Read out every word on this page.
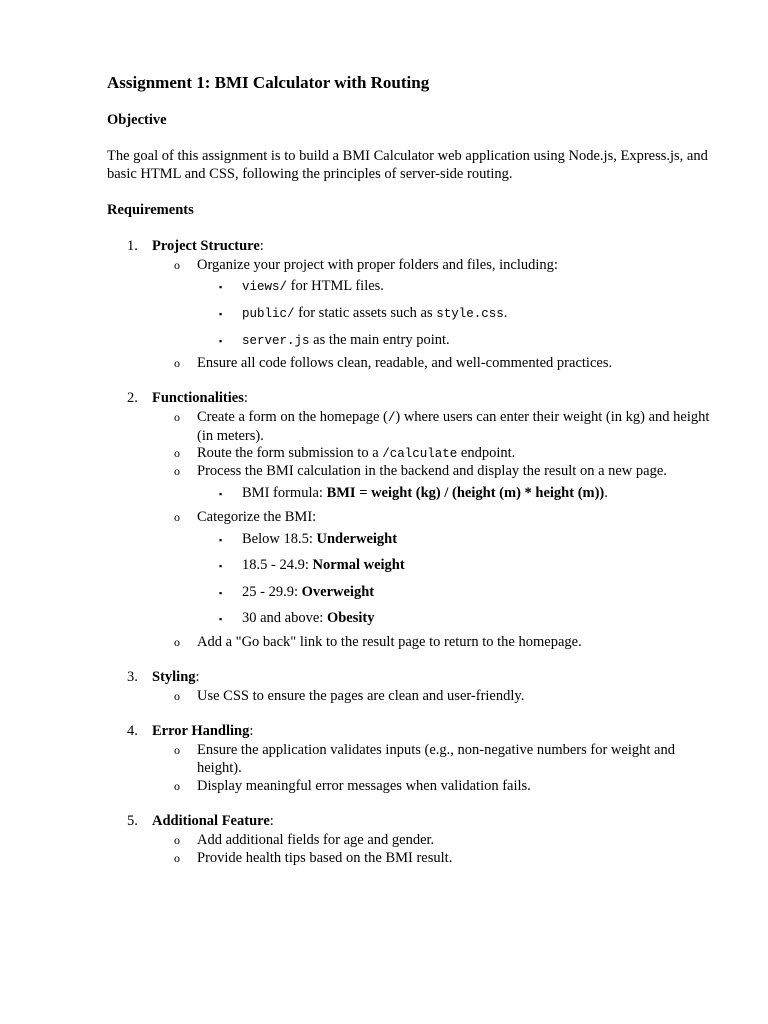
Assignment 1: BMI Calculator with Routing
Objective
The goal of this assignment is to build a BMI Calculator web application using Node.js, Express.js, and basic HTML and CSS, following the principles of server-side routing.
Requirements
1. Project Structure:
o Organize your project with proper folders and files, including:
▪ views/ for HTML files.
▪ public/ for static assets such as style.css.
▪ server.js as the main entry point.
o Ensure all code follows clean, readable, and well-commented practices.
2. Functionalities:
o Create a form on the homepage (/) where users can enter their weight (in kg) and height (in meters).
o Route the form submission to a /calculate endpoint.
o Process the BMI calculation in the backend and display the result on a new page.
▪ BMI formula: BMI = weight (kg) / (height (m) * height (m)).
o Categorize the BMI:
▪ Below 18.5: Underweight
▪ 18.5 - 24.9: Normal weight
▪ 25 - 29.9: Overweight
▪ 30 and above: Obesity
o Add a "Go back" link to the result page to return to the homepage.
3. Styling:
o Use CSS to ensure the pages are clean and user-friendly.
4. Error Handling:
o Ensure the application validates inputs (e.g., non-negative numbers for weight and height).
o Display meaningful error messages when validation fails.
5. Additional Feature:
o Add additional fields for age and gender.
o Provide health tips based on the BMI result.
